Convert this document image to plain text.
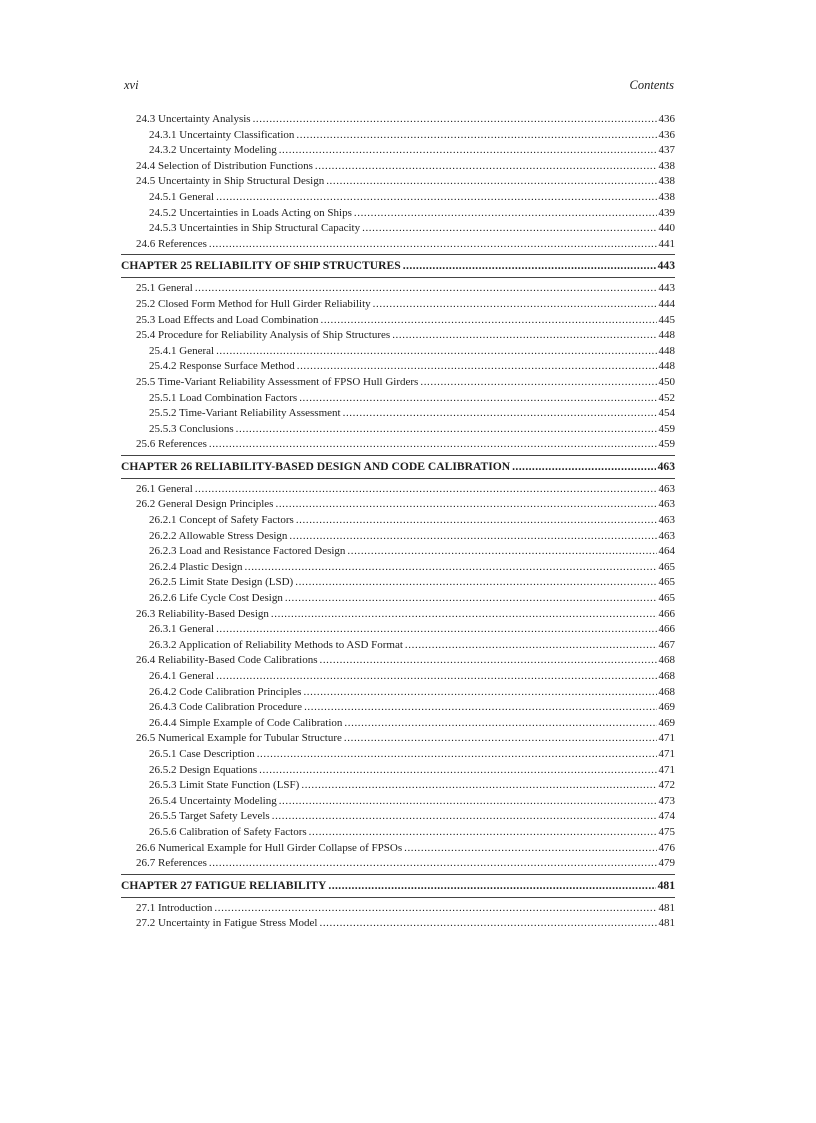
xvi	Contents
24.3 Uncertainty Analysis .....	436
24.3.1 Uncertainty Classification .....	436
24.3.2 Uncertainty Modeling .....	437
24.4 Selection of Distribution Functions .....	438
24.5 Uncertainty in Ship Structural Design .....	438
24.5.1 General .....	438
24.5.2 Uncertainties in Loads Acting on Ships .....	439
24.5.3 Uncertainties in Ship Structural Capacity .....	440
24.6 References .....	441
CHAPTER 25 RELIABILITY OF SHIP STRUCTURES .....	443
25.1 General .....	443
25.2 Closed Form Method for Hull Girder Reliability .....	444
25.3 Load Effects and Load Combination .....	445
25.4 Procedure for Reliability Analysis of Ship Structures .....	448
25.4.1 General .....	448
25.4.2 Response Surface Method .....	448
25.5 Time-Variant Reliability Assessment of FPSO Hull Girders .....	450
25.5.1 Load Combination Factors .....	452
25.5.2 Time-Variant Reliability Assessment .....	454
25.5.3 Conclusions .....	459
25.6 References .....	459
CHAPTER 26 RELIABILITY-BASED DESIGN AND CODE CALIBRATION .....	463
26.1 General .....	463
26.2 General Design Principles .....	463
26.2.1 Concept of Safety Factors .....	463
26.2.2 Allowable Stress Design .....	463
26.2.3 Load and Resistance Factored Design .....	464
26.2.4 Plastic Design .....	465
26.2.5 Limit State Design (LSD) .....	465
26.2.6 Life Cycle Cost Design .....	465
26.3 Reliability-Based Design .....	466
26.3.1 General .....	466
26.3.2 Application of Reliability Methods to ASD Format .....	467
26.4 Reliability-Based Code Calibrations .....	468
26.4.1 General .....	468
26.4.2 Code Calibration Principles .....	468
26.4.3 Code Calibration Procedure .....	469
26.4.4 Simple Example of Code Calibration .....	469
26.5 Numerical Example for Tubular Structure .....	471
26.5.1 Case Description .....	471
26.5.2 Design Equations .....	471
26.5.3 Limit State Function (LSF) .....	472
26.5.4 Uncertainty Modeling .....	473
26.5.5 Target Safety Levels .....	474
26.5.6 Calibration of Safety Factors .....	475
26.6 Numerical Example for Hull Girder Collapse of FPSOs .....	476
26.7 References .....	479
CHAPTER 27 FATIGUE RELIABILITY .....	481
27.1 Introduction .....	481
27.2 Uncertainty in Fatigue Stress Model .....	481
